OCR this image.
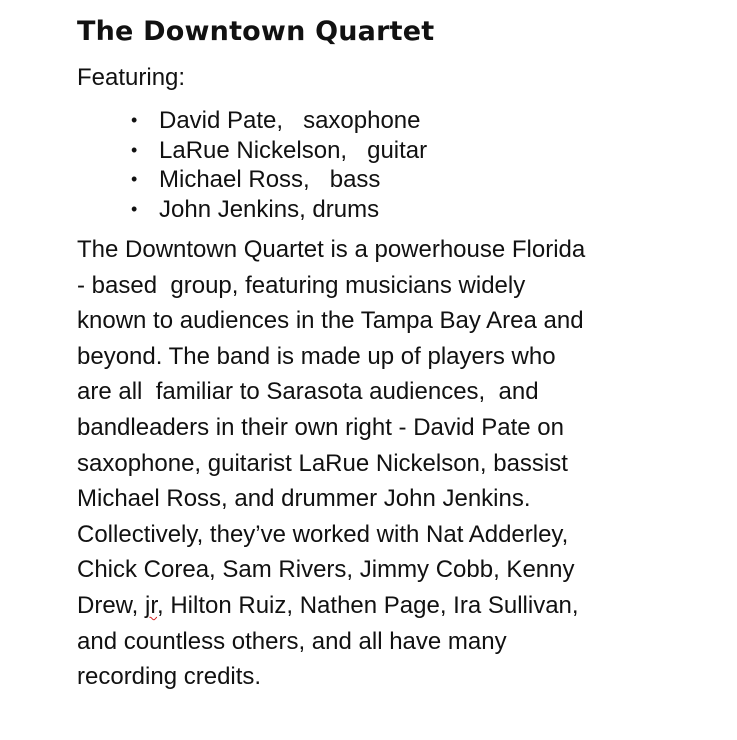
The Downtown Quartet
Featuring:
• David Pate,   saxophone
• LaRue Nickelson,   guitar
• Michael Ross,   bass
• John Jenkins, drums
The Downtown Quartet is a powerhouse Florida
- based  group, featuring musicians widely
known to audiences in the Tampa Bay Area and
beyond. The band is made up of players who
are all  familiar to Sarasota audiences,  and
bandleaders in their own right - David Pate on
saxophone, guitarist LaRue Nickelson, bassist
Michael Ross, and drummer John Jenkins.
Collectively, they’ve worked with Nat Adderley,
Chick Corea, Sam Rivers, Jimmy Cobb, Kenny
Drew, jr, Hilton Ruiz, Nathen Page, Ira Sullivan,
and countless others, and all have many
recording credits.
